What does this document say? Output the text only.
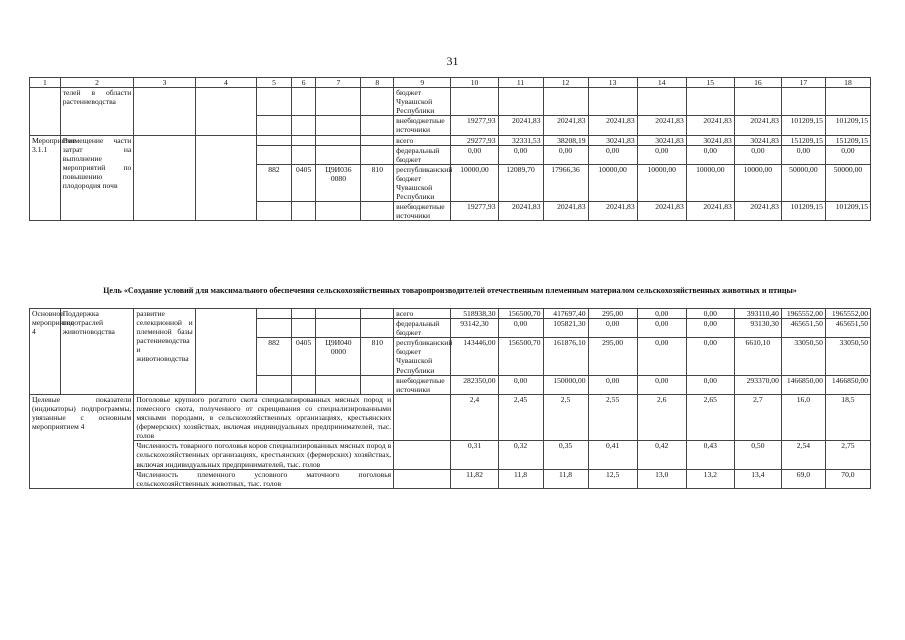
31
1	2	3	4	5	6	7	8	9	10	11	12	13	14	15	16	17	18
	телей в области растениеводства							бюджет Чувашской Республики									
								внебюджетные источники	19277,93	20241,83	20241,83	20241,83	20241,83	20241,83	20241,83	101209,15	101209,15
Мероприятие 3.1.1	Возмещение части затрат на выполнение мероприятий по повышению плодородия почв							всего	29277,93	32331,53	38208,19	30241,83	30241,83	30241,83	30241,83	151209,15	151209,15
								федеральный бюджет	0,00	0,00	0,00	0,00	0,00	0,00	0,00	0,00	0,00
				882	0405	Ц9И036 0080	810	республиканский бюджет Чувашской Республики	10000,00	12089,70	17966,36	10000,00	10000,00	10000,00	10000,00	50000,00	50000,00
								внебюджетные источники	19277,93	20241,83	20241,83	20241,83	20241,83	20241,83	20241,83	101209,15	101209,15
Цель «Создание условий для максимального обеспечения сельскохозяйственных товаропроизводителей отечественным племенным материалом сельскохозяйственных животных и птицы»
Основное мероприятие 4	Поддержка подотраслей животноводства	развитие селекционной и племенной базы растениеводства и животноводства						всего	518938,30	156500,70	417697,40	295,00	0,00	0,00	393110,40	1965552,00	1965552,00
								федеральный бюджет	93142,30	0,00	105821,30	0,00	0,00	0,00	93130,30	465651,50	465651,50
				882	0405	Ц9И040 0000	810	республиканский бюджет Чувашской Республики	143446,00	156500,70	161876,10	295,00	0,00	0,00	6610,10	33050,50	33050,50
								внебюджетные источники	282350,00	0,00	150000,00	0,00	0,00	0,00	293370,00	1466850,00	1466850,00
Целевые показатели (индикаторы) подпрограммы, увязанные с основным мероприятием 4		Поголовье крупного рогатого скота специализированных мясных пород и помесного скота, полученного от скрещивания со специализированными мясными породами, в сельскохозяйственных организациях, крестьянских (фермерских) хозяйствах, включая индивидуальных предпринимателей, тыс. голов							2,4	2,45	2,5	2,55	2,6	2,65	2,7	16,0	18,5
		Численность товарного поголовья коров специализированных мясных пород в сельскохозяйственных организациях, крестьянских (фермерских) хозяйствах, включая индивидуальных предпринимателей, тыс. голов							0,31	0,32	0,35	0,41	0,42	0,43	0,50	2,54	2,75
		Численность племенного условного маточного поголовья сельскохозяйственных животных, тыс. голов							11,82	11,8	11,8	12,5	13,0	13,2	13,4	69,0	70,0
